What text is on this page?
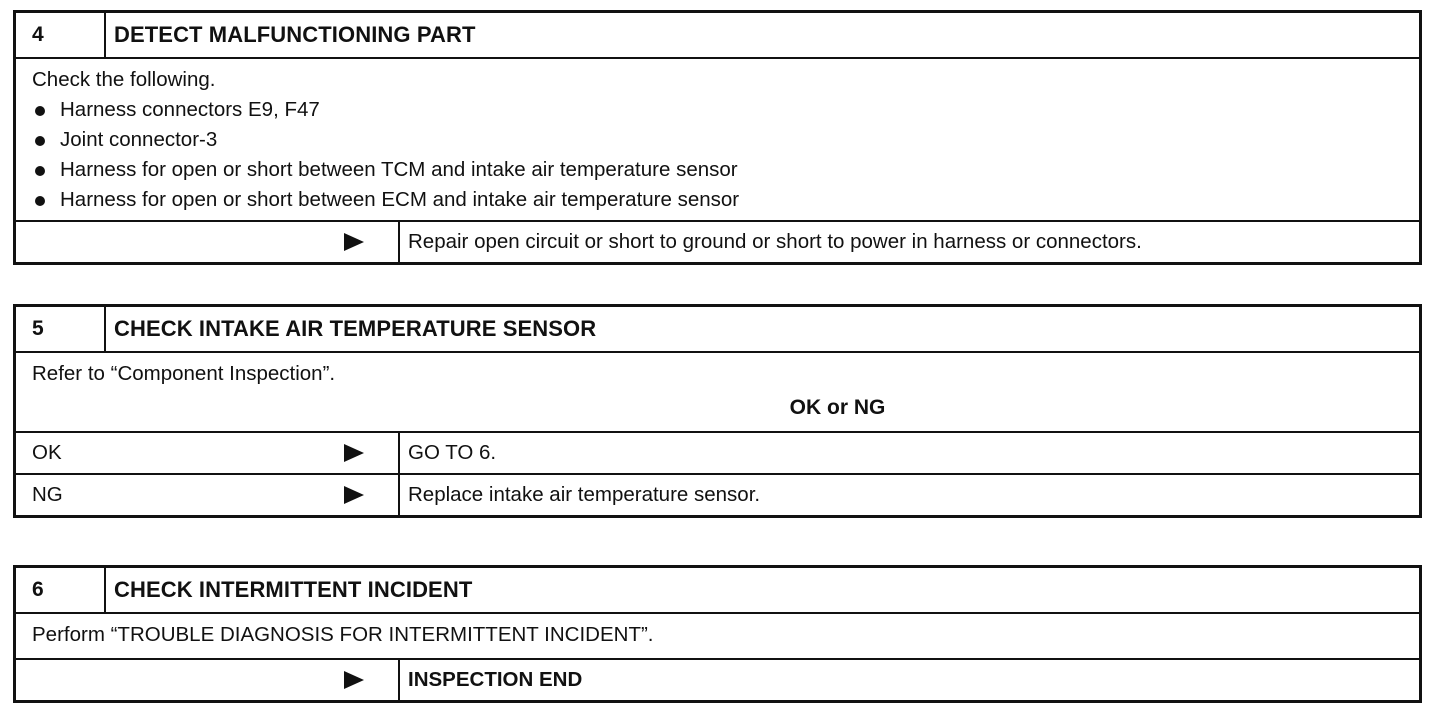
4	DETECT MALFUNCTIONING PART
Check the following.
Harness connectors E9, F47
Joint connector-3
Harness for open or short between TCM and intake air temperature sensor
Harness for open or short between ECM and intake air temperature sensor
Repair open circuit or short to ground or short to power in harness or connectors.
5	CHECK INTAKE AIR TEMPERATURE SENSOR
Refer to “Component Inspection”.
OK or NG
OK	GO TO 6.
NG	Replace intake air temperature sensor.
6	CHECK INTERMITTENT INCIDENT
Perform “TROUBLE DIAGNOSIS FOR INTERMITTENT INCIDENT”.
INSPECTION END
